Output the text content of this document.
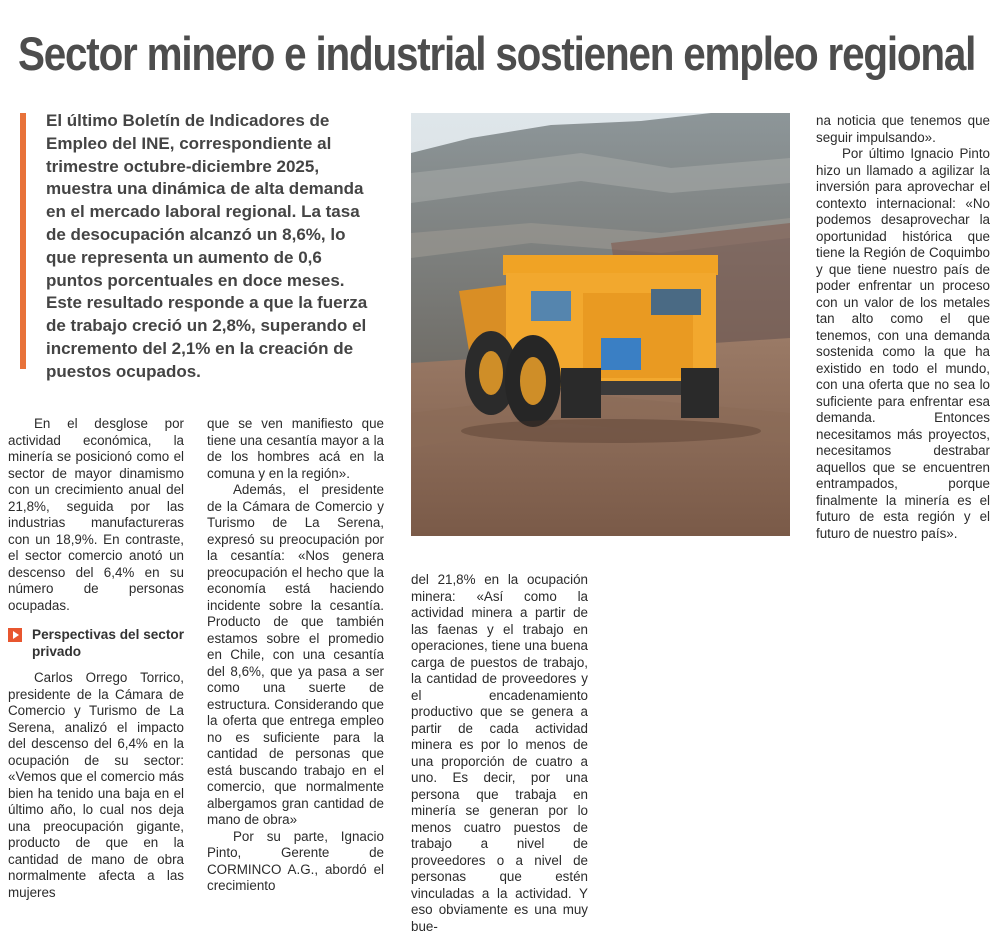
Sector minero e industrial sostienen empleo regional
El último Boletín de Indicadores de Empleo del INE, correspondiente al trimestre octubre-diciembre 2025, muestra una dinámica de alta demanda en el mercado laboral regional. La tasa de desocupación alcanzó un 8,6%, lo que representa un aumento de 0,6 puntos porcentuales en doce meses. Este resultado responde a que la fuerza de trabajo creció un 2,8%, superando el incremento del 2,1% en la creación de puestos ocupados.

En el desglose por actividad económica, la minería se posicionó como el sector de mayor dinamismo con un crecimiento anual del 21,8%, seguida por las industrias manufactureras con un 18,9%. En contraste, el sector comercio anotó un descenso del 6,4% en su número de personas ocupadas.

Perspectivas del sector privado

Carlos Orrego Torrico, presidente de la Cámara de Comercio y Turismo de La Serena, analizó el impacto del descenso del 6,4% en la ocupación de su sector: «Vemos que el comercio más bien ha tenido una baja en el último año, lo cual nos deja una preocupación gigante, producto de que en la cantidad de mano de obra normalmente afecta a las mujeres

que se ven manifiesto que tiene una cesantía mayor a la de los hombres acá en la comuna y en la región».

Además, el presidente de la Cámara de Comercio y Turismo de La Serena, expresó su preocupación por la cesantía: «Nos genera preocupación el hecho que la economía está haciendo incidente sobre la cesantía. Producto de que también estamos sobre el promedio en Chile, con una cesantía del 8,6%, que ya pasa a ser como una suerte de estructura. Considerando que la oferta que entrega empleo no es suficiente para la cantidad de personas que está buscando trabajo en el comercio, que normalmente albergamos gran cantidad de mano de obra»

Por su parte, Ignacio Pinto, Gerente de CORMINCO A.G., abordó el crecimiento

del 21,8% en la ocupación minera: «Así como la actividad minera a partir de las faenas y el trabajo en operaciones, tiene una buena carga de puestos de trabajo, la cantidad de proveedores y el encadenamiento productivo que se genera a partir de cada actividad minera es por lo menos de una proporción de cuatro a uno. Es decir, por una persona que trabaja en minería se generan por lo menos cuatro puestos de trabajo a nivel de proveedores o a nivel de personas que estén vinculadas a la actividad. Y eso obviamente es una muy bue-

na noticia que tenemos que seguir impulsando».

Por último Ignacio Pinto hizo un llamado a agilizar la inversión para aprovechar el contexto internacional: «No podemos desaprovechar la oportunidad histórica que tiene la Región de Coquimbo y que tiene nuestro país de poder enfrentar un proceso con un valor de los metales tan alto como el que tenemos, con una demanda sostenida como la que ha existido en todo el mundo, con una oferta que no sea lo suficiente para enfrentar esa demanda. Entonces necesitamos más proyectos, necesitamos destrabar aquellos que se encuentren entrampados, porque finalmente la minería es el futuro de esta región y el futuro de nuestro país».
